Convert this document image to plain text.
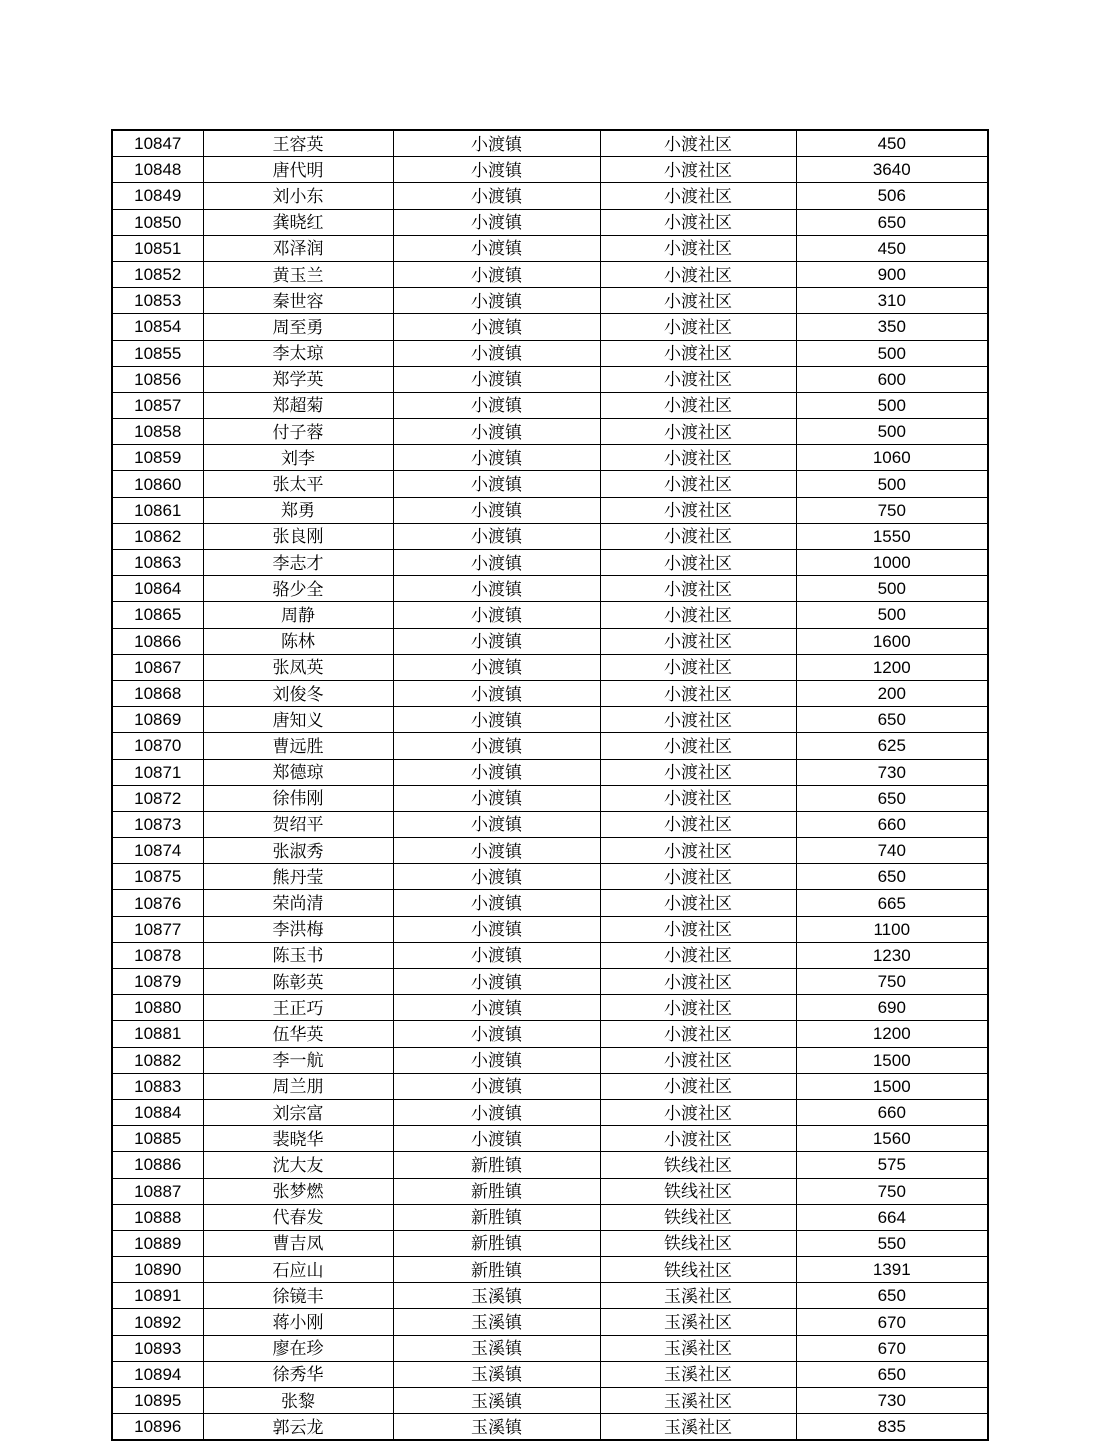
10847	王容英	小渡镇	小渡社区	450
10848	唐代明	小渡镇	小渡社区	3640
10849	刘小东	小渡镇	小渡社区	506
10850	龚晓红	小渡镇	小渡社区	650
10851	邓泽润	小渡镇	小渡社区	450
10852	黄玉兰	小渡镇	小渡社区	900
10853	秦世容	小渡镇	小渡社区	310
10854	周至勇	小渡镇	小渡社区	350
10855	李太琼	小渡镇	小渡社区	500
10856	郑学英	小渡镇	小渡社区	600
10857	郑超菊	小渡镇	小渡社区	500
10858	付子蓉	小渡镇	小渡社区	500
10859	刘李	小渡镇	小渡社区	1060
10860	张太平	小渡镇	小渡社区	500
10861	郑勇	小渡镇	小渡社区	750
10862	张良刚	小渡镇	小渡社区	1550
10863	李志才	小渡镇	小渡社区	1000
10864	骆少全	小渡镇	小渡社区	500
10865	周静	小渡镇	小渡社区	500
10866	陈林	小渡镇	小渡社区	1600
10867	张凤英	小渡镇	小渡社区	1200
10868	刘俊冬	小渡镇	小渡社区	200
10869	唐知义	小渡镇	小渡社区	650
10870	曹远胜	小渡镇	小渡社区	625
10871	郑德琼	小渡镇	小渡社区	730
10872	徐伟刚	小渡镇	小渡社区	650
10873	贺绍平	小渡镇	小渡社区	660
10874	张淑秀	小渡镇	小渡社区	740
10875	熊丹莹	小渡镇	小渡社区	650
10876	荣尚清	小渡镇	小渡社区	665
10877	李洪梅	小渡镇	小渡社区	1100
10878	陈玉书	小渡镇	小渡社区	1230
10879	陈彰英	小渡镇	小渡社区	750
10880	王正巧	小渡镇	小渡社区	690
10881	伍华英	小渡镇	小渡社区	1200
10882	李一航	小渡镇	小渡社区	1500
10883	周兰朋	小渡镇	小渡社区	1500
10884	刘宗富	小渡镇	小渡社区	660
10885	裴晓华	小渡镇	小渡社区	1560
10886	沈大友	新胜镇	铁线社区	575
10887	张梦燃	新胜镇	铁线社区	750
10888	代春发	新胜镇	铁线社区	664
10889	曹吉凤	新胜镇	铁线社区	550
10890	石应山	新胜镇	铁线社区	1391
10891	徐镜丰	玉溪镇	玉溪社区	650
10892	蒋小刚	玉溪镇	玉溪社区	670
10893	廖在珍	玉溪镇	玉溪社区	670
10894	徐秀华	玉溪镇	玉溪社区	650
10895	张黎	玉溪镇	玉溪社区	730
10896	郭云龙	玉溪镇	玉溪社区	835
